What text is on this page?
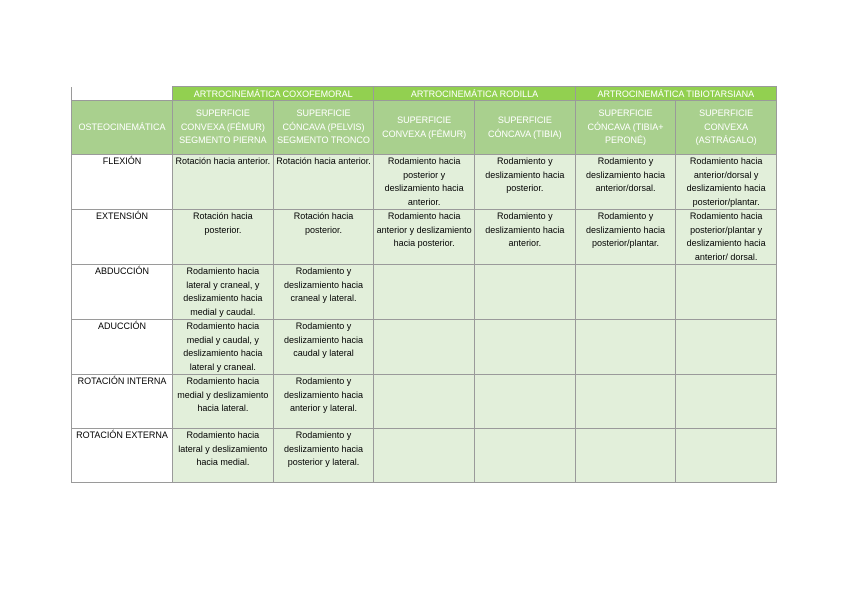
	ARTROCINEMÁTICA COXOFEMORAL		ARTROCINEMÁTICA RODILLA		ARTROCINEMÁTICA TIBIOTARSIANA	
OSTEOCINEMÁTICA	SUPERFICIE CONVEXA (FÉMUR) SEGMENTO PIERNA	SUPERFICIE CÓNCAVA (PELVIS) SEGMENTO TRONCO	SUPERFICIE CONVEXA (FÉMUR)	SUPERFICIE CÓNCAVA (TIBIA)	SUPERFICIE CÓNCAVA (TIBIA+ PERONÉ)	SUPERFICIE CONVEXA (ASTRÁGALO)
FLEXIÓN	Rotación hacia anterior.	Rotación hacia anterior.	Rodamiento hacia posterior y deslizamiento hacia anterior.	Rodamiento y deslizamiento hacia posterior.	Rodamiento y deslizamiento hacia anterior/dorsal.	Rodamiento hacia anterior/dorsal y deslizamiento hacia posterior/plantar.
EXTENSIÓN	Rotación hacia posterior.	Rotación hacia posterior.	Rodamiento hacia anterior y deslizamiento hacia posterior.	Rodamiento y deslizamiento hacia anterior.	Rodamiento y deslizamiento hacia posterior/plantar.	Rodamiento hacia posterior/plantar y deslizamiento hacia anterior/ dorsal.
ABDUCCIÓN	Rodamiento hacia lateral y craneal, y deslizamiento hacia medial y caudal.	Rodamiento y deslizamiento hacia craneal y lateral.				
ADUCCIÓN	Rodamiento hacia medial y caudal, y deslizamiento hacia lateral y craneal.	Rodamiento y deslizamiento hacia caudal y lateral				
ROTACIÓN INTERNA	Rodamiento hacia medial y deslizamiento hacia lateral.	Rodamiento y deslizamiento hacia anterior y lateral.				
ROTACIÓN EXTERNA	Rodamiento hacia lateral y deslizamiento hacia medial.	Rodamiento y deslizamiento hacia posterior y lateral.				
